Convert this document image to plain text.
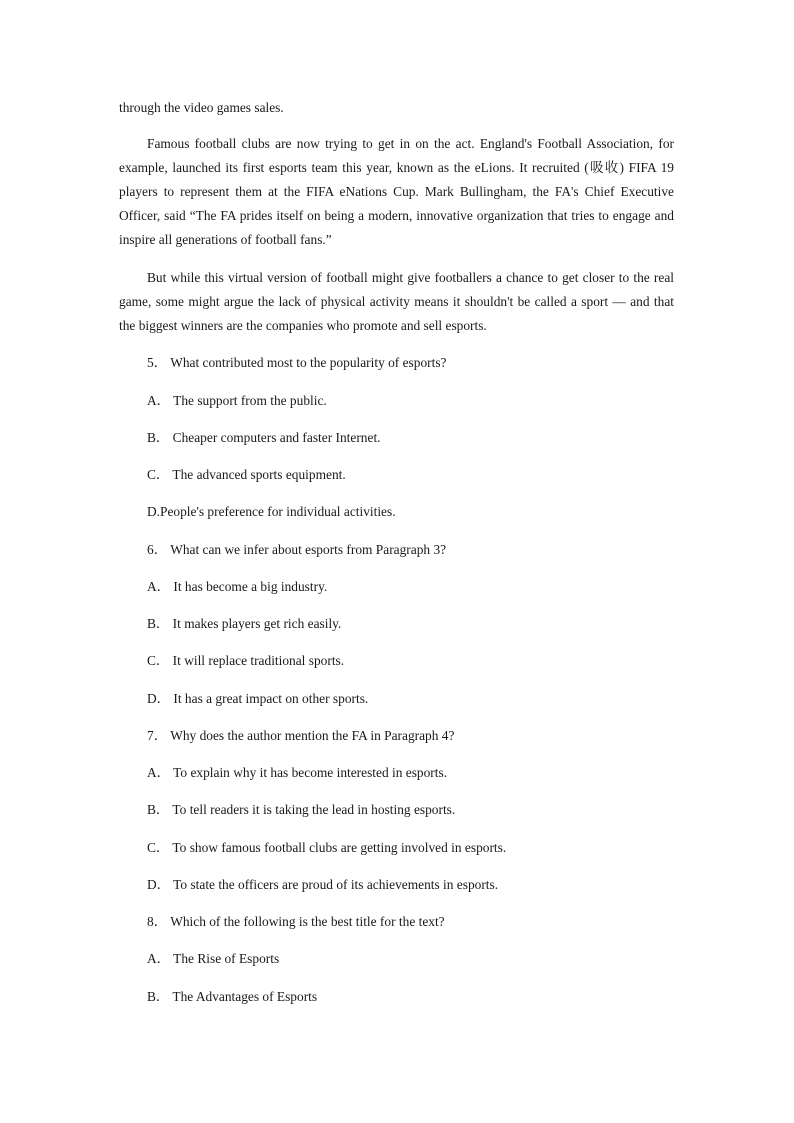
through the video games sales.

Famous football clubs are now trying to get in on the act. England's Football Association, for example, launched its first esports team this year, known as the eLions. It recruited (吸收) FIFA 19 players to represent them at the FIFA eNations Cup. Mark Bullingham, the FA's Chief Executive Officer, said “The FA prides itself on being a modern, innovative organization that tries to engage and inspire all generations of football fans.”

But while this virtual version of football might give footballers a chance to get closer to the real game, some might argue the lack of physical activity means it shouldn't be called a sport — and that the biggest winners are the companies who promote and sell esports.

5． What contributed most to the popularity of esports?

A． The support from the public.

B． Cheaper computers and faster Internet.

C． The advanced sports equipment.

D.People's preference for individual activities.

6． What can we infer about esports from Paragraph 3?

A． It has become a big industry.

B． It makes players get rich easily.

C． It will replace traditional sports.

D． It has a great impact on other sports.

7． Why does the author mention the FA in Paragraph 4?

A． To explain why it has become interested in esports.

B． To tell readers it is taking the lead in hosting esports.

C． To show famous football clubs are getting involved in esports.

D． To state the officers are proud of its achievements in esports.

8． Which of the following is the best title for the text?

A． The Rise of Esports

B． The Advantages of Esports
